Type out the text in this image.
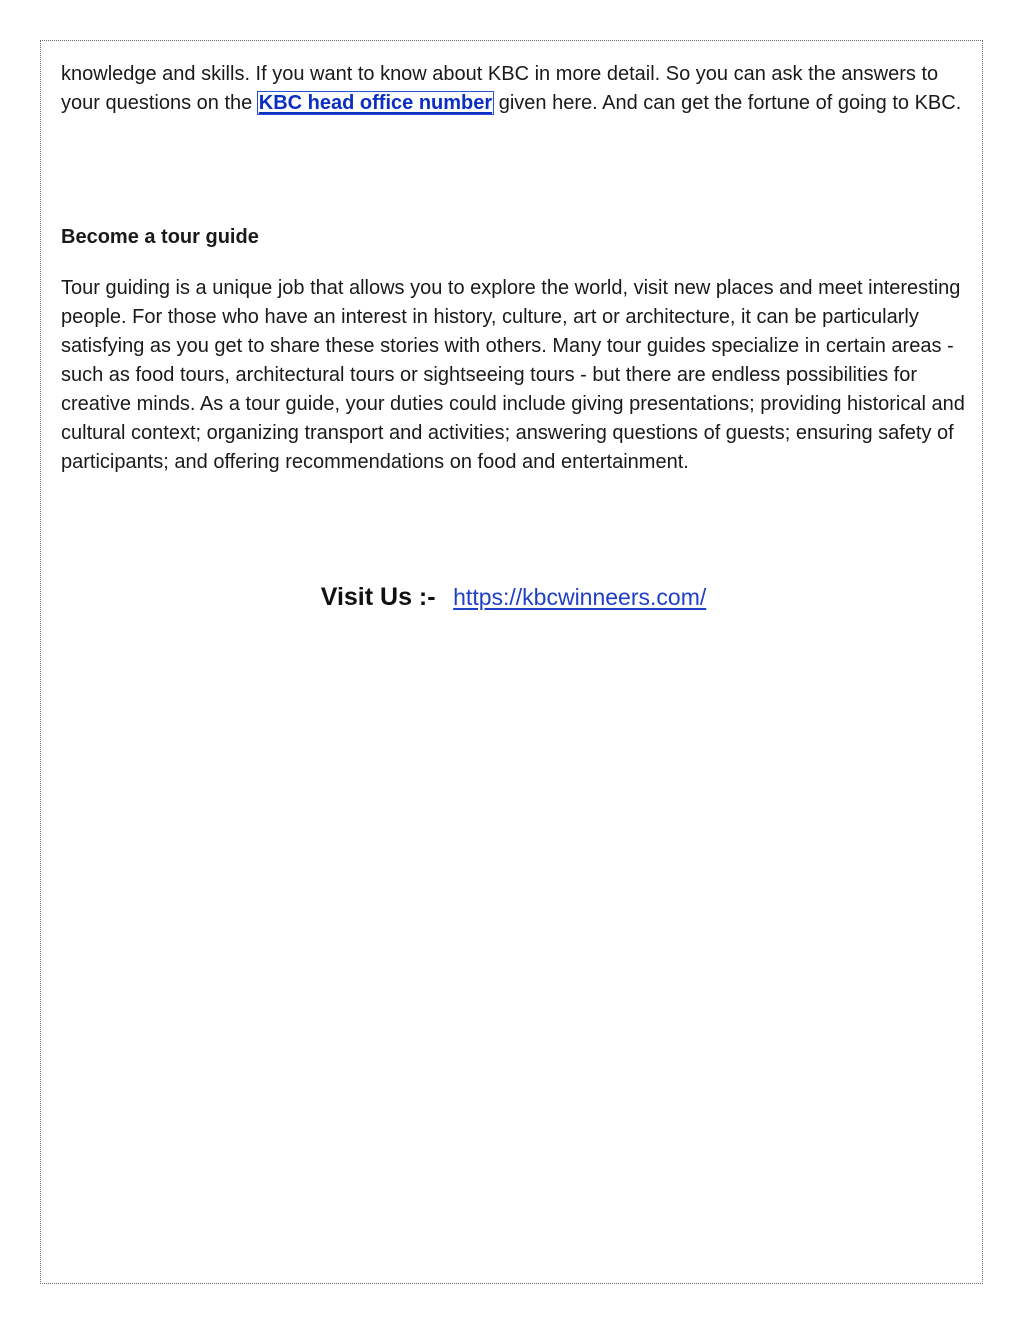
knowledge and skills. If you want to know about KBC in more detail. So you can ask the answers to your questions on the KBC head office number given here. And can get the fortune of going to KBC.

Become a tour guide

Tour guiding is a unique job that allows you to explore the world, visit new places and meet interesting people. For those who have an interest in history, culture, art or architecture, it can be particularly satisfying as you get to share these stories with others. Many tour guides specialize in certain areas - such as food tours, architectural tours or sightseeing tours - but there are endless possibilities for creative minds. As a tour guide, your duties could include giving presentations; providing historical and cultural context; organizing transport and activities; answering questions of guests; ensuring safety of participants; and offering recommendations on food and entertainment.

Visit Us :- https://kbcwinneers.com/
